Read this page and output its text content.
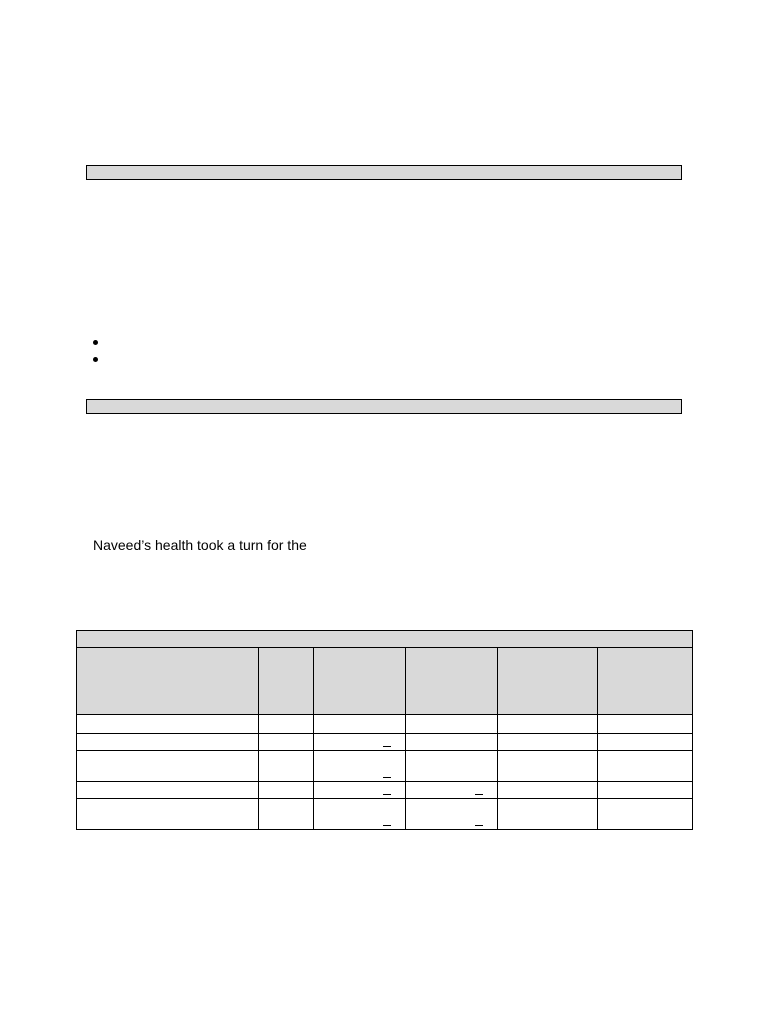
Naveed’s health took a turn for the
